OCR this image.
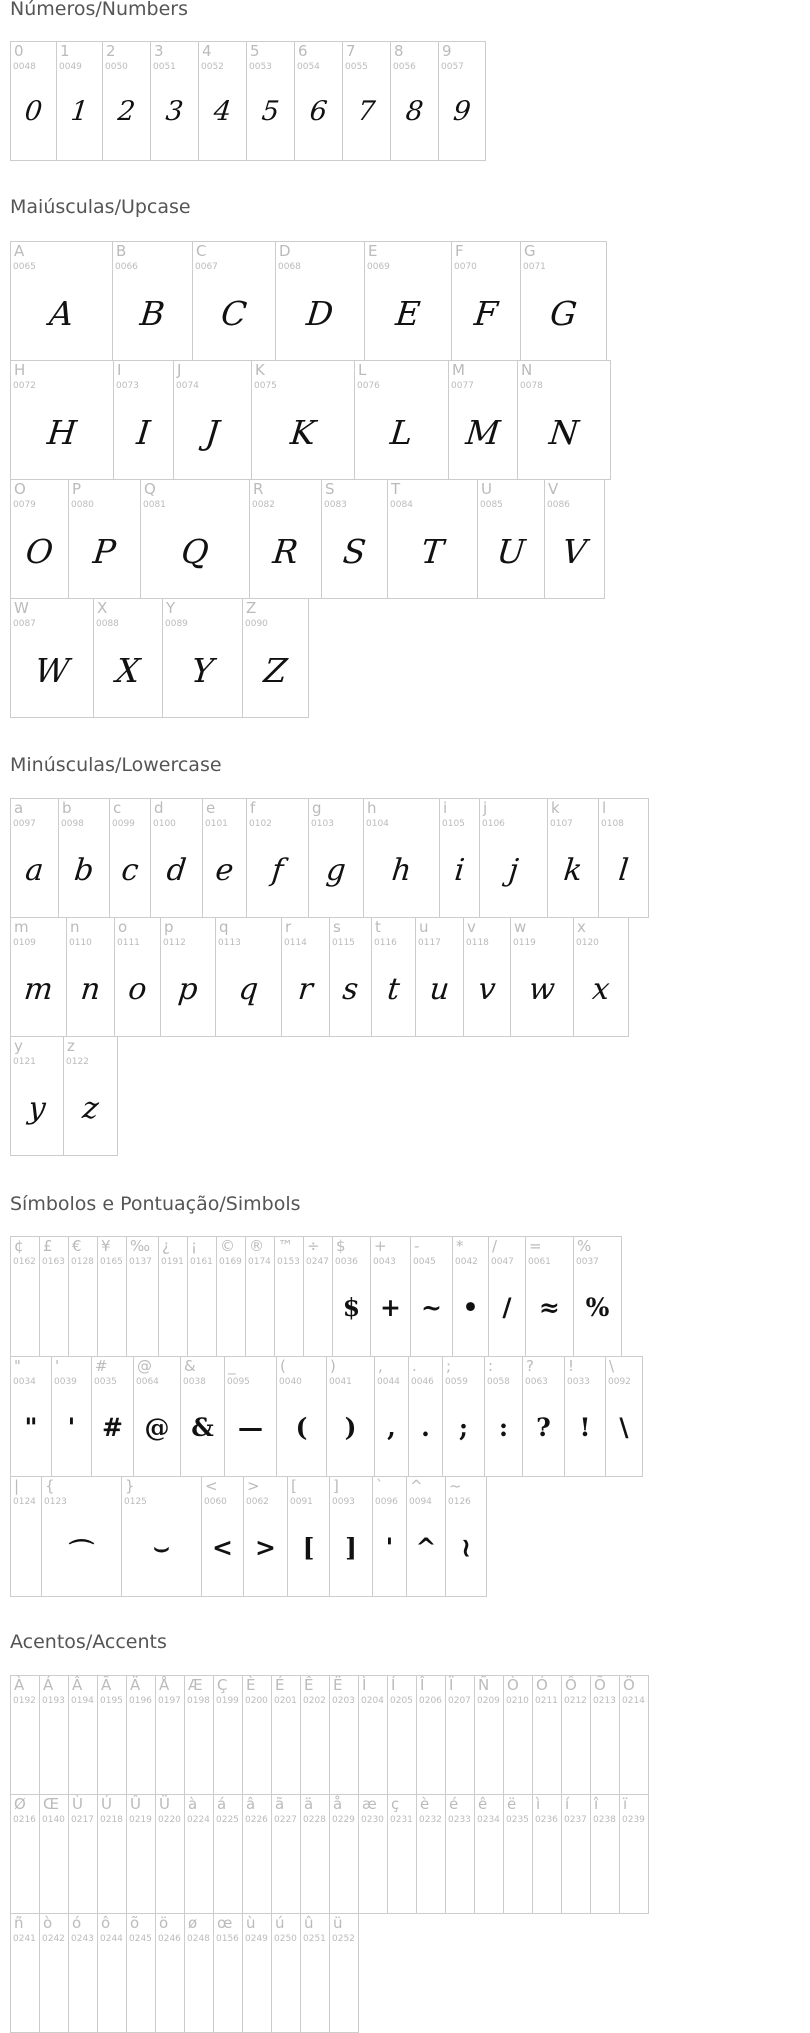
Números/Numbers
Maiúsculas/Upcase
Minúsculas/Lowercase
Símbolos e Pontuação/Simbols
Acentos/Accents
0
0048
0
1
0049
1
2
0050
2
3
0051
3
4
0052
4
5
0053
5
6
0054
6
7
0055
7
8
0056
8
9
0057
9
A
0065
A
B
0066
B
C
0067
C
D
0068
D
E
0069
E
F
0070
F
G
0071
G
H
0072
H
I
0073
I
J
0074
J
K
0075
K
L
0076
L
M
0077
M
N
0078
N
O
0079
O
P
0080
P
Q
0081
Q
R
0082
R
S
0083
S
T
0084
T
U
0085
U
V
0086
V
W
0087
W
X
0088
X
Y
0089
Y
Z
0090
Z
a
0097
a
b
0098
b
c
0099
c
d
0100
d
e
0101
e
f
0102
f
g
0103
g
h
0104
h
i
0105
i
j
0106
j
k
0107
k
l
0108
l
m
0109
m
n
0110
n
o
0111
o
p
0112
p
q
0113
q
r
0114
r
s
0115
s
t
0116
t
u
0117
u
v
0118
v
w
0119
w
x
0120
x
y
0121
y
z
0122
z
¢
0162
£
0163
€
0128
¥
0165
‰
0137
¿
0191
¡
0161
©
0169
®
0174
™
0153
÷
0247
$
0036
$
+
0043
+
-
0045
~
*
0042
•
/
0047
/
=
0061
≈
%
0037
%
"
0034
"
'
0039
'
#
0035
#
@
0064
@
&
0038
&
_
0095
—
(
0040
(
)
0041
)
,
0044
,
.
0046
.
;
0059
;
:
0058
:
?
0063
?
!
0033
!
\
0092
\
|
0124
{
0123
⌒
}
0125
⌣
<
0060
<
>
0062
>
[
0091
[
]
0093
]
`
0096
'
^
0094
^
~
0126
≀
À
0192
Á
0193
Â
0194
Ã
0195
Ä
0196
Å
0197
Æ
0198
Ç
0199
È
0200
É
0201
Ê
0202
Ë
0203
Ì
0204
Í
0205
Î
0206
Ï
0207
Ñ
0209
Ò
0210
Ó
0211
Ô
0212
Õ
0213
Ö
0214
Ø
0216
Œ
0140
Ù
0217
Ú
0218
Û
0219
Ü
0220
à
0224
á
0225
â
0226
ã
0227
ä
0228
å
0229
æ
0230
ç
0231
è
0232
é
0233
ê
0234
ë
0235
ì
0236
í
0237
î
0238
ï
0239
ñ
0241
ò
0242
ó
0243
ô
0244
õ
0245
ö
0246
ø
0248
œ
0156
ù
0249
ú
0250
û
0251
ü
0252
